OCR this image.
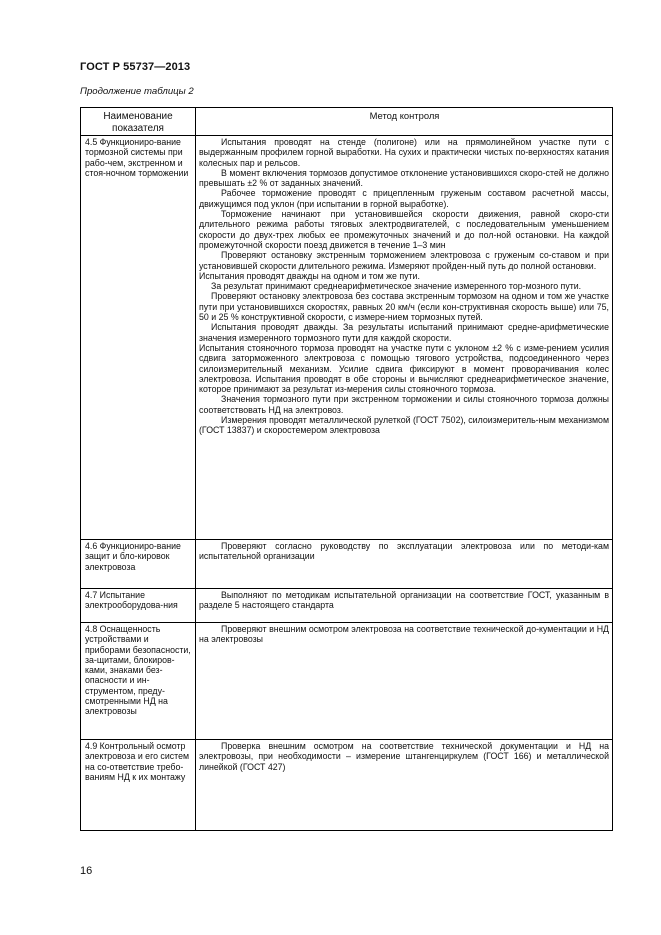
ГОСТ Р 55737—2013
Продолжение таблицы 2
Наименование показателя
Метод контроля
4.5 Функциониро-вание тормозной системы при рабо-чем, экстренном и стоя-ночном торможении

Испытания проводят на стенде (полигоне) или на прямолинейном участке пути с выдержанным профилем горной выработки. На сухих и практически чистых по-верхностях катания колесных пар и рельсов.

В момент включения тормозов допустимое отклонение установившихся скоро-стей не должно превышать ±2 % от заданных значений.

Рабочее торможение проводят с прицепленным груженым составом расчетной массы, движущимся под уклон (при испытании в горной выработке).

Торможение начинают при установившейся скорости движения, равной скоро-сти длительного режима работы тяговых электродвигателей, с последовательным уменьшением скорости до двух-трех любых ее промежуточных значений и до пол-ной остановки. На каждой промежуточной скорости поезд движется в течение 1–3 мин

Проверяют остановку экстренным торможением электровоза с груженым со-ставом и при установившей скорости длительного режима. Измеряют пройден-ный путь до полной остановки.

Испытания проводят дважды на одном и том же пути.

За результат принимают среднеарифметическое значение измеренного тор-мозного пути.

Проверяют остановку электровоза без состава экстренным тормозом на одном и том же участке пути при установившихся скоростях, равных 20 км/ч (если кон-структивная скорость выше) или 75, 50 и 25 % конструктивной скорости, с измере-нием тормозных путей.

Испытания проводят дважды. За результаты испытаний принимают средне-арифметические значения измеренного тормозного пути для каждой скорости.

Испытания стояночного тормоза проводят на участке пути с уклоном ±2 % с изме-рением усилия сдвига заторможенного электровоза с помощью тягового устройства, подсоединенного через силоизмерительный механизм. Усилие сдвига фиксируют в момент проворачивания колес электровоза. Испытания проводят в обе стороны и вычисляют среднеарифметическое значение, которое принимают за результат из-мерения силы стояночного тормоза.

Значения тормозного пути при экстренном торможении и силы стояночного тормоза должны соответствовать НД на электровоз.

Измерения проводят металлической рулеткой (ГОСТ 7502), силоизмеритель-ным механизмом (ГОСТ 13837) и скоростемером электровоза

4.6 Функциониро-вание защит и бло-кировок электровоза

Проверяют согласно руководству по эксплуатации электровоза или по методи-кам испытательной организации

4.7 Испытание электрооборудова-ния

Выполняют по методикам испытательной организации на соответствие ГОСТ, указанным в разделе 5 настоящего стандарта

4.8 Оснащенность устройствами и приборами безопасности, за-щитами, блокиров-ками, знаками без-опасности и ин-струментом, преду-смотренными НД на электровозы

Проверяют внешним осмотром электровоза на соответствие технической до-кументации и НД на электровозы

4.9 Контрольный осмотр электровоза и его систем на со-ответствие требо-ваниям НД к их монтажу

Проверка внешним осмотром на соответствие технической документации и НД на электровозы, при необходимости – измерение штангенциркулем (ГОСТ 166) и металлической линейкой (ГОСТ 427)

16
